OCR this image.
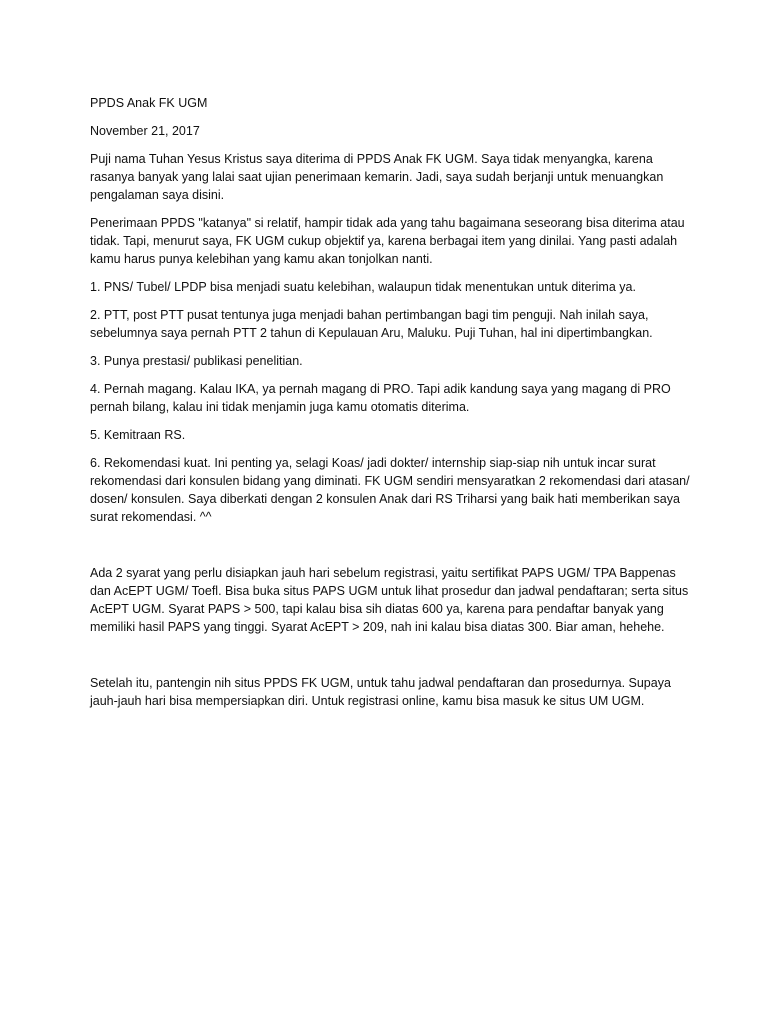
PPDS Anak FK UGM

November 21, 2017

Puji nama Tuhan Yesus Kristus saya diterima di PPDS Anak FK UGM. Saya tidak menyangka, karena rasanya banyak yang lalai saat ujian penerimaan kemarin. Jadi, saya sudah berjanji untuk menuangkan pengalaman saya disini.

Penerimaan PPDS "katanya" si relatif, hampir tidak ada yang tahu bagaimana seseorang bisa diterima atau tidak. Tapi, menurut saya, FK UGM cukup objektif ya, karena berbagai item yang dinilai. Yang pasti adalah kamu harus punya kelebihan yang kamu akan tonjolkan nanti.

1. PNS/ Tubel/ LPDP bisa menjadi suatu kelebihan, walaupun tidak menentukan untuk diterima ya.

2. PTT, post PTT pusat tentunya juga menjadi bahan pertimbangan bagi tim penguji. Nah inilah saya, sebelumnya saya pernah PTT 2 tahun di Kepulauan Aru, Maluku. Puji Tuhan, hal ini dipertimbangkan.

3. Punya prestasi/ publikasi penelitian.

4. Pernah magang. Kalau IKA, ya pernah magang di PRO. Tapi adik kandung saya yang magang di PRO pernah bilang, kalau ini tidak menjamin juga kamu otomatis diterima.

5. Kemitraan RS.

6. Rekomendasi kuat. Ini penting ya, selagi Koas/ jadi dokter/ internship siap-siap nih untuk incar surat rekomendasi dari konsulen bidang yang diminati. FK UGM sendiri mensyaratkan 2 rekomendasi dari atasan/ dosen/ konsulen. Saya diberkati dengan 2 konsulen Anak dari RS Triharsi yang baik hati memberikan saya surat rekomendasi. ^^

Ada 2 syarat yang perlu disiapkan jauh hari sebelum registrasi, yaitu sertifikat PAPS UGM/ TPA Bappenas dan AcEPT UGM/ Toefl. Bisa buka situs PAPS UGM untuk lihat prosedur dan jadwal pendaftaran; serta situs AcEPT UGM. Syarat PAPS > 500, tapi kalau bisa sih diatas 600 ya, karena para pendaftar banyak yang memiliki hasil PAPS yang tinggi. Syarat AcEPT > 209, nah ini kalau bisa diatas 300. Biar aman, hehehe.

Setelah itu, pantengin nih situs PPDS FK UGM, untuk tahu jadwal pendaftaran dan prosedurnya. Supaya jauh-jauh hari bisa mempersiapkan diri. Untuk registrasi online, kamu bisa masuk ke situs UM UGM.
